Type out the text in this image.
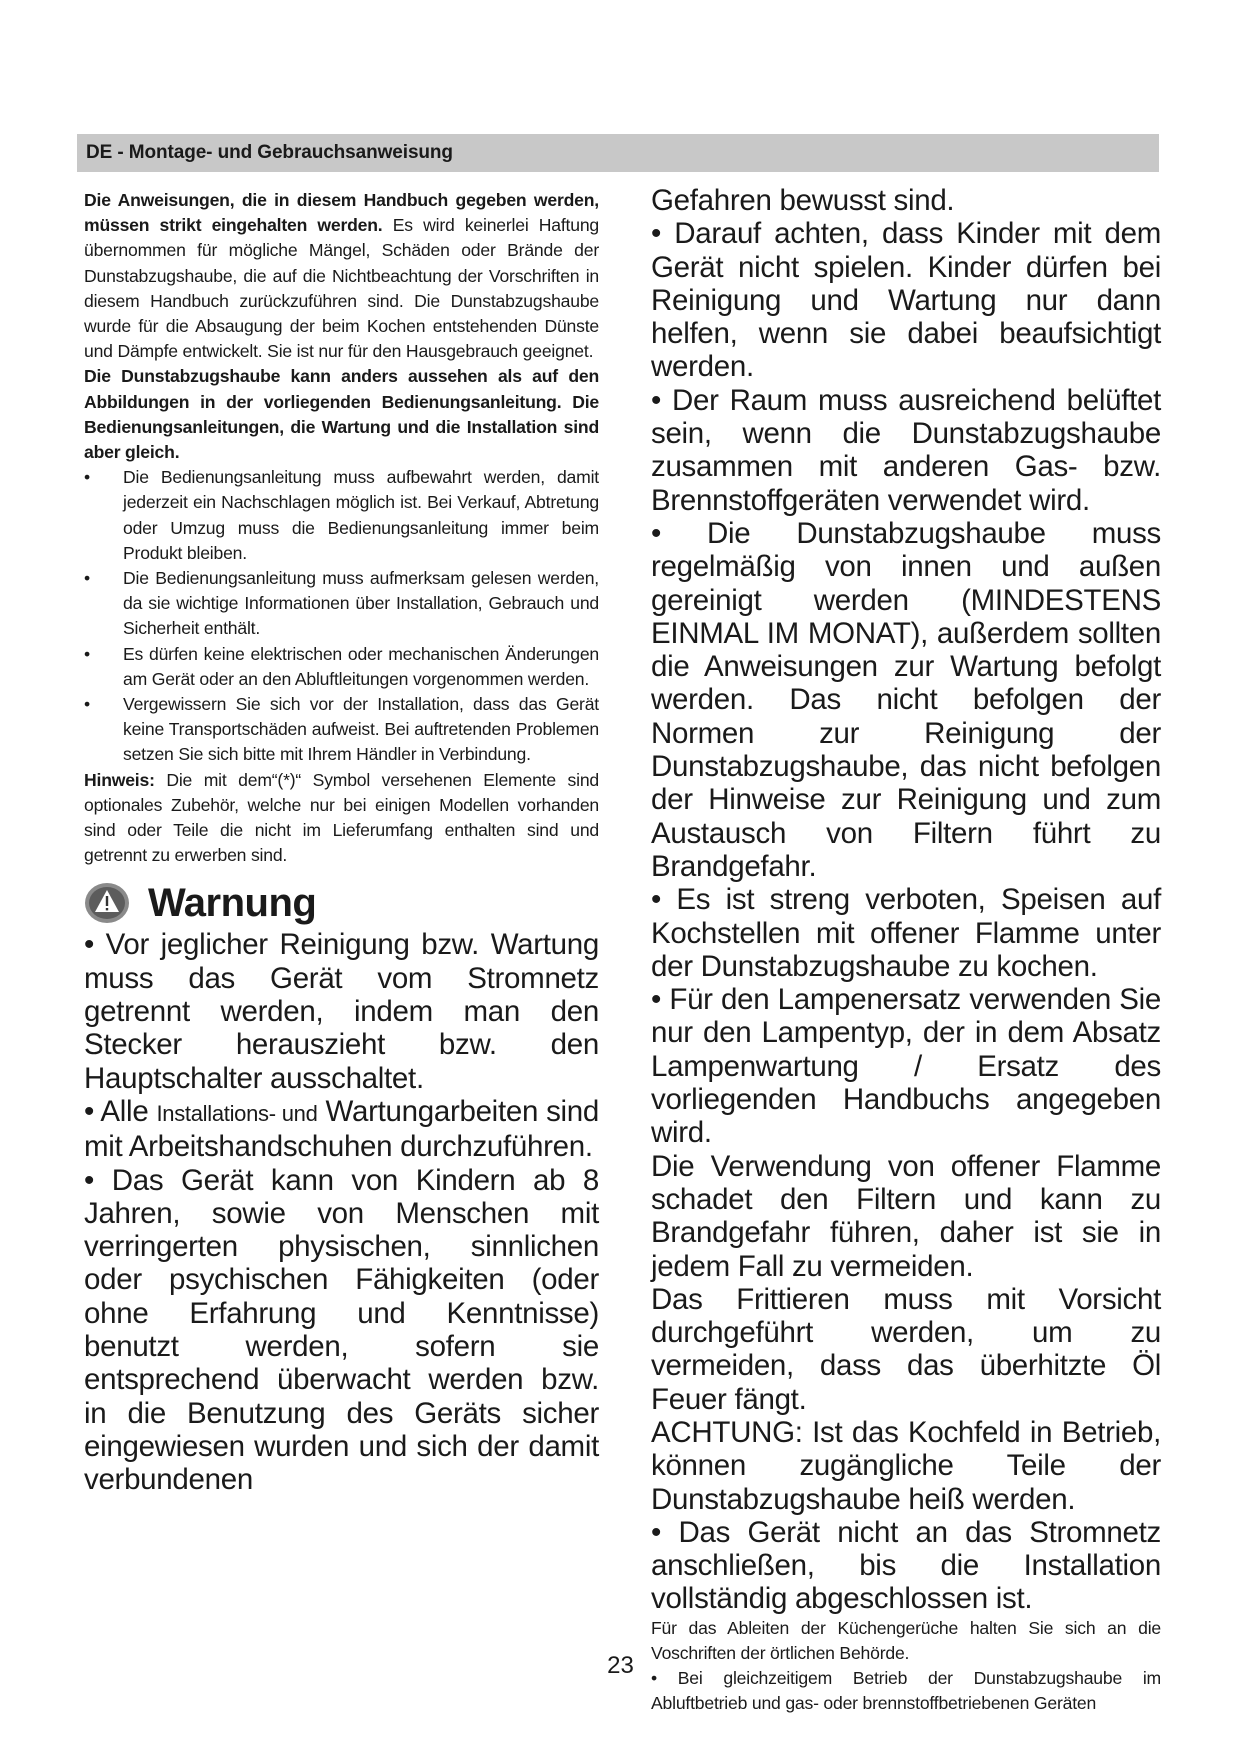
DE - Montage- und Gebrauchsanweisung

Die Anweisungen, die in diesem Handbuch gegeben werden, müssen strikt eingehalten werden. Es wird keinerlei Haftung übernommen für mögliche Mängel, Schäden oder Brände der Dunstabzugshaube, die auf die Nichtbeachtung der Vorschriften in diesem Handbuch zurückzuführen sind. Die Dunstabzugshaube wurde für die Absaugung der beim Kochen entstehenden Dünste und Dämpfe entwickelt. Sie ist nur für den Hausgebrauch geeignet.

Die Dunstabzugshaube kann anders aussehen als auf den Abbildungen in der vorliegenden Bedienungsanleitung. Die Bedienungsanleitungen, die Wartung und die Installation sind aber gleich.

• Die Bedienungsanleitung muss aufbewahrt werden, damit jederzeit ein Nachschlagen möglich ist. Bei Verkauf, Abtretung oder Umzug muss die Bedienungsanleitung immer beim Produkt bleiben.
• Die Bedienungsanleitung muss aufmerksam gelesen werden, da sie wichtige Informationen über Installation, Gebrauch und Sicherheit enthält.
• Es dürfen keine elektrischen oder mechanischen Änderungen am Gerät oder an den Abluftleitungen vorgenommen werden.
• Vergewissern Sie sich vor der Installation, dass das Gerät keine Transportschäden aufweist. Bei auftretenden Problemen setzen Sie sich bitte mit Ihrem Händler in Verbindung.

Hinweis: Die mit dem“(*)“ Symbol versehenen Elemente sind optionales Zubehör, welche nur bei einigen Modellen vorhanden sind oder Teile die nicht im Lieferumfang enthalten sind und getrennt zu erwerben sind.

Warnung

• Vor jeglicher Reinigung bzw. Wartung muss das Gerät vom Stromnetz getrennt werden, indem man den Stecker herauszieht bzw. den Hauptschalter ausschaltet.

• Alle Installations- und Wartungarbeiten sind mit Arbeitshandschuhen durchzuführen.

• Das Gerät kann von Kindern ab 8 Jahren, sowie von Menschen mit verringerten physischen, sinnlichen oder psychischen Fähigkeiten (oder ohne Erfahrung und Kenntnisse) benutzt werden, sofern sie entsprechend überwacht werden bzw. in die Benutzung des Geräts sicher eingewiesen wurden und sich der damit verbundenen

Gefahren bewusst sind.

• Darauf achten, dass Kinder mit dem Gerät nicht spielen. Kinder dürfen bei Reinigung und Wartung nur dann helfen, wenn sie dabei beaufsichtigt werden.

• Der Raum muss ausreichend belüftet sein, wenn die Dunstabzugshaube zusammen mit anderen Gas- bzw. Brennstoffgeräten verwendet wird.

• Die Dunstabzugshaube muss regelmäßig von innen und außen gereinigt werden (MINDESTENS EINMAL IM MONAT), außerdem sollten die Anweisungen zur Wartung befolgt werden. Das nicht befolgen der Normen zur Reinigung der Dunstabzugshaube, das nicht befolgen der Hinweise zur Reinigung und zum Austausch von Filtern führt zu Brandgefahr.

• Es ist streng verboten, Speisen auf Kochstellen mit offener Flamme unter der Dunstabzugshaube zu kochen.

• Für den Lampenersatz verwenden Sie nur den Lampentyp, der in dem Absatz Lampenwartung / Ersatz des vorliegenden Handbuchs angegeben wird.

Die Verwendung von offener Flamme schadet den Filtern und kann zu Brandgefahr führen, daher ist sie in jedem Fall zu vermeiden.

Das Frittieren muss mit Vorsicht durchgeführt werden, um zu vermeiden, dass das überhitzte Öl Feuer fängt.

ACHTUNG: Ist das Kochfeld in Betrieb, können zugängliche Teile der Dunstabzugshaube heiß werden.

• Das Gerät nicht an das Stromnetz anschließen, bis die Installation vollständig abgeschlossen ist.

Für das Ableiten der Küchengerüche halten Sie sich an die Voschriften der örtlichen Behörde.

• Bei gleichzeitigem Betrieb der Dunstabzugshaube im Abluftbetrieb und gas- oder brennstoffbetriebenen Geräten

23
